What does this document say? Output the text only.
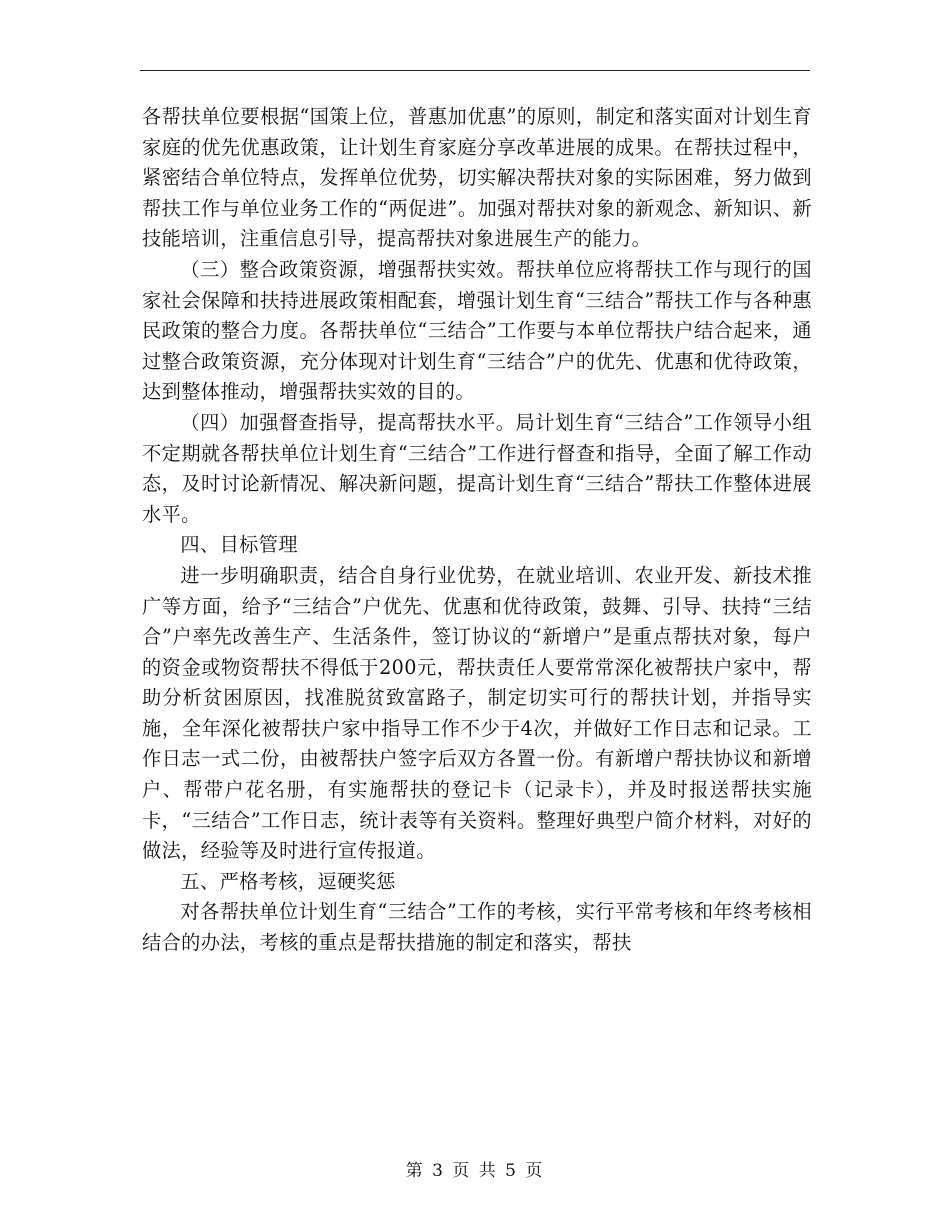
各帮扶单位要根据“国策上位，普惠加优惠”的原则，制定和落实面对计划生育家庭的优先优惠政策，让计划生育家庭分享改革进展的成果。在帮扶过程中，紧密结合单位特点，发挥单位优势，切实解决帮扶对象的实际困难，努力做到帮扶工作与单位业务工作的“两促进”。加强对帮扶对象的新观念、新知识、新技能培训，注重信息引导，提高帮扶对象进展生产的能力。

（三）整合政策资源，增强帮扶实效。帮扶单位应将帮扶工作与现行的国家社会保障和扶持进展政策相配套，增强计划生育“三结合”帮扶工作与各种惠民政策的整合力度。各帮扶单位“三结合”工作要与本单位帮扶户结合起来，通过整合政策资源，充分体现对计划生育“三结合”户的优先、优惠和优待政策，达到整体推动，增强帮扶实效的目的。

（四）加强督查指导，提高帮扶水平。局计划生育“三结合”工作领导小组不定期就各帮扶单位计划生育“三结合”工作进行督查和指导，全面了解工作动态，及时讨论新情况、解决新问题，提高计划生育“三结合”帮扶工作整体进展水平。

四、目标管理

进一步明确职责，结合自身行业优势，在就业培训、农业开发、新技术推广等方面，给予“三结合”户优先、优惠和优待政策，鼓舞、引导、扶持“三结合”户率先改善生产、生活条件，签订协议的“新增户”是重点帮扶对象，每户的资金或物资帮扶不得低于200元，帮扶责任人要常常深化被帮扶户家中，帮助分析贫困原因，找准脱贫致富路子，制定切实可行的帮扶计划，并指导实施，全年深化被帮扶户家中指导工作不少于4次，并做好工作日志和记录。工作日志一式二份，由被帮扶户签字后双方各置一份。有新增户帮扶协议和新增户、帮带户花名册，有实施帮扶的登记卡（记录卡），并及时报送帮扶实施卡，“三结合”工作日志，统计表等有关资料。整理好典型户简介材料，对好的做法，经验等及时进行宣传报道。

五、严格考核，逗硬奖惩

对各帮扶单位计划生育“三结合”工作的考核，实行平常考核和年终考核相结合的办法，考核的重点是帮扶措施的制定和落实，帮扶

第 3 页 共 5 页
